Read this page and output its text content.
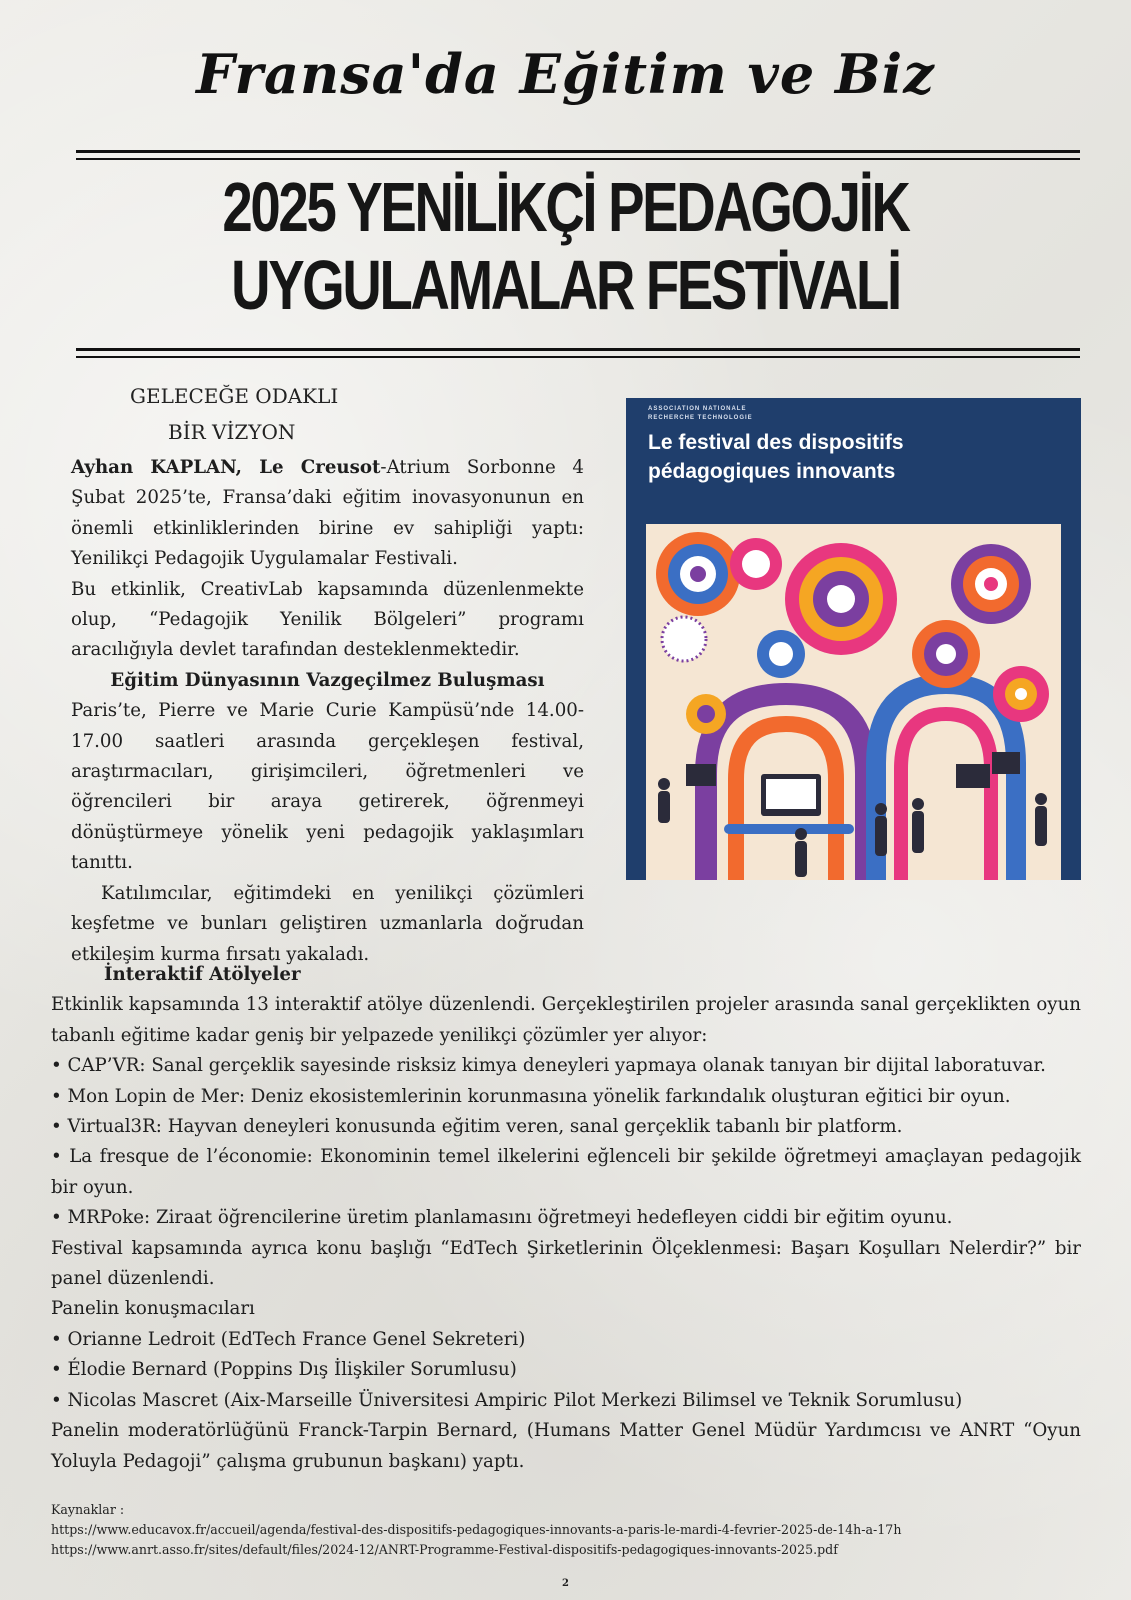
Fransa'da Eğitim ve Biz
2025 YENİLİKÇİ PEDAGOJİK UYGULAMALAR FESTİVALİ
GELECEĞE ODAKLI
BİR VİZYON

Ayhan KAPLAN, Le Creusot-Atrium Sorbonne 4 Şubat 2025’te, Fransa’daki eğitim inovasyonunun en önemli etkinliklerinden birine ev sahipliği yaptı: Yenilikçi Pedagojik Uygulamalar Festivali.

Bu etkinlik, CreativLab kapsamında düzenlenmekte olup, “Pedagojik Yenilik Bölgeleri” programı aracılığıyla devlet tarafından desteklenmektedir.

Eğitim Dünyasının Vazgeçilmez Buluşması

Paris’te, Pierre ve Marie Curie Kampüsü’nde 14.00-17.00 saatleri arasında gerçekleşen festival, araştırmacıları, girişimcileri, öğretmenleri ve öğrencileri bir araya getirerek, öğrenmeyi dönüştürmeye yönelik yeni pedagojik yaklaşımları tanıttı.

Katılımcılar, eğitimdeki en yenilikçi çözümleri keşfetme ve bunları geliştiren uzmanlarla doğrudan etkileşim kurma fırsatı yakaladı.

ASSOCIATION NATIONALE
RECHERCHE TECHNOLOGIE
Le festival des dispositifs
pédagogiques innovants

İnteraktif Atölyeler

Etkinlik kapsamında 13 interaktif atölye düzenlendi. Gerçekleştirilen projeler arasında sanal gerçeklikten oyun tabanlı eğitime kadar geniş bir yelpazede yenilikçi çözümler yer alıyor:

• CAP’VR: Sanal gerçeklik sayesinde risksiz kimya deneyleri yapmaya olanak tanıyan bir dijital laboratuvar.

• Mon Lopin de Mer: Deniz ekosistemlerinin korunmasına yönelik farkındalık oluşturan eğitici bir oyun.

• Virtual3R: Hayvan deneyleri konusunda eğitim veren, sanal gerçeklik tabanlı bir platform.

• La fresque de l’économie: Ekonominin temel ilkelerini eğlenceli bir şekilde öğretmeyi amaçlayan pedagojik bir oyun.

• MRPoke: Ziraat öğrencilerine üretim planlamasını öğretmeyi hedefleyen ciddi bir eğitim oyunu.

Festival kapsamında ayrıca konu başlığı “EdTech Şirketlerinin Ölçeklenmesi: Başarı Koşulları Nelerdir?” bir panel düzenlendi.

Panelin konuşmacıları

• Orianne Ledroit (EdTech France Genel Sekreteri)

• Élodie Bernard (Poppins Dış İlişkiler Sorumlusu)

• Nicolas Mascret (Aix-Marseille Üniversitesi Ampiric Pilot Merkezi Bilimsel ve Teknik Sorumlusu)

Panelin moderatörlüğünü Franck-Tarpin Bernard, (Humans Matter Genel Müdür Yardımcısı ve ANRT “Oyun Yoluyla Pedagoji” çalışma grubunun başkanı) yaptı.

Kaynaklar :
https://www.educavox.fr/accueil/agenda/festival-des-dispositifs-pedagogiques-innovants-a-paris-le-mardi-4-fevrier-2025-de-14h-a-17h
https://www.anrt.asso.fr/sites/default/files/2024-12/ANRT-Programme-Festival-dispositifs-pedagogiques-innovants-2025.pdf
2
